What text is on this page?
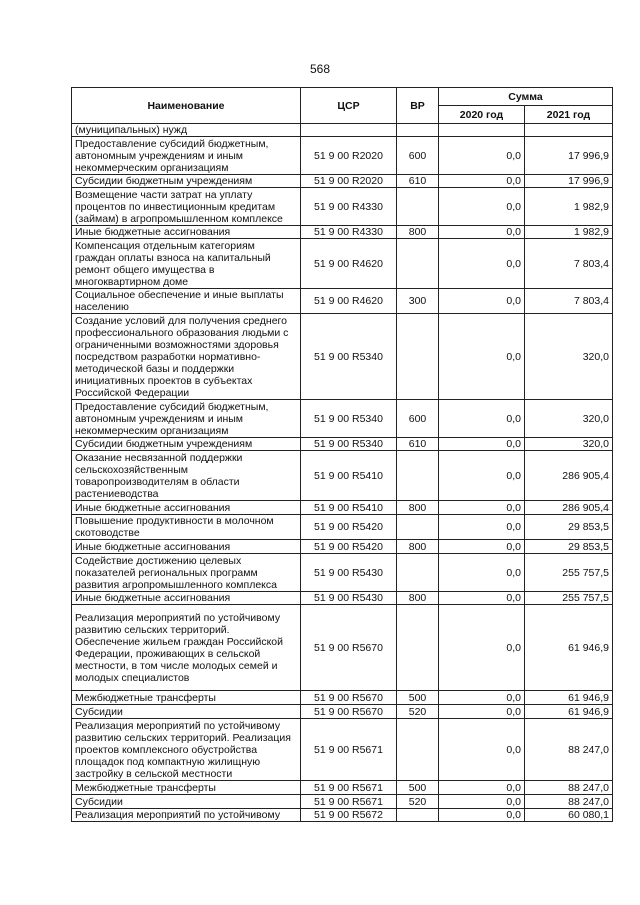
568
Наименование	ЦСР	ВР	Сумма	
			2020 год	2021 год
(муниципальных) нужд				
Предоставление субсидий бюджетным, автономным учреждениям и иным некоммерческим организациям	51 9 00 R2020	600	0,0	17 996,9
Субсидии бюджетным учреждениям	51 9 00 R2020	610	0,0	17 996,9
Возмещение части затрат на уплату процентов по инвестиционным кредитам (займам) в агропромышленном комплексе	51 9 00 R4330		0,0	1 982,9
Иные бюджетные ассигнования	51 9 00 R4330	800	0,0	1 982,9
Компенсация отдельным категориям граждан оплаты взноса на капитальный ремонт общего имущества в многоквартирном доме	51 9 00 R4620		0,0	7 803,4
Социальное обеспечение и иные выплаты населению	51 9 00 R4620	300	0,0	7 803,4
Создание условий для получения среднего профессионального образования людьми с ограниченными возможностями здоровья посредством разработки нормативно-методической базы и поддержки инициативных проектов в субъектах Российской Федерации	51 9 00 R5340		0,0	320,0
Предоставление субсидий бюджетным, автономным учреждениям и иным некоммерческим организациям	51 9 00 R5340	600	0,0	320,0
Субсидии бюджетным учреждениям	51 9 00 R5340	610	0,0	320,0
Оказание несвязанной поддержки сельскохозяйственным товаропроизводителям в области растениеводства	51 9 00 R5410		0,0	286 905,4
Иные бюджетные ассигнования	51 9 00 R5410	800	0,0	286 905,4
Повышение продуктивности в молочном скотоводстве	51 9 00 R5420		0,0	29 853,5
Иные бюджетные ассигнования	51 9 00 R5420	800	0,0	29 853,5
Содействие достижению целевых показателей региональных программ развития агропромышленного комплекса	51 9 00 R5430		0,0	255 757,5
Иные бюджетные ассигнования	51 9 00 R5430	800	0,0	255 757,5
Реализация мероприятий по устойчивому развитию сельских территорий. Обеспечение жильем граждан Российской Федерации, проживающих в сельской местности, в том числе молодых семей и молодых специалистов	51 9 00 R5670		0,0	61 946,9
Межбюджетные трансферты	51 9 00 R5670	500	0,0	61 946,9
Субсидии	51 9 00 R5670	520	0,0	61 946,9
Реализация мероприятий по устойчивому развитию сельских территорий. Реализация проектов комплексного обустройства площадок под компактную жилищную застройку в сельской местности	51 9 00 R5671		0,0	88 247,0
Межбюджетные трансферты	51 9 00 R5671	500	0,0	88 247,0
Субсидии	51 9 00 R5671	520	0,0	88 247,0
Реализация мероприятий по устойчивому	51 9 00 R5672		0,0	60 080,1
